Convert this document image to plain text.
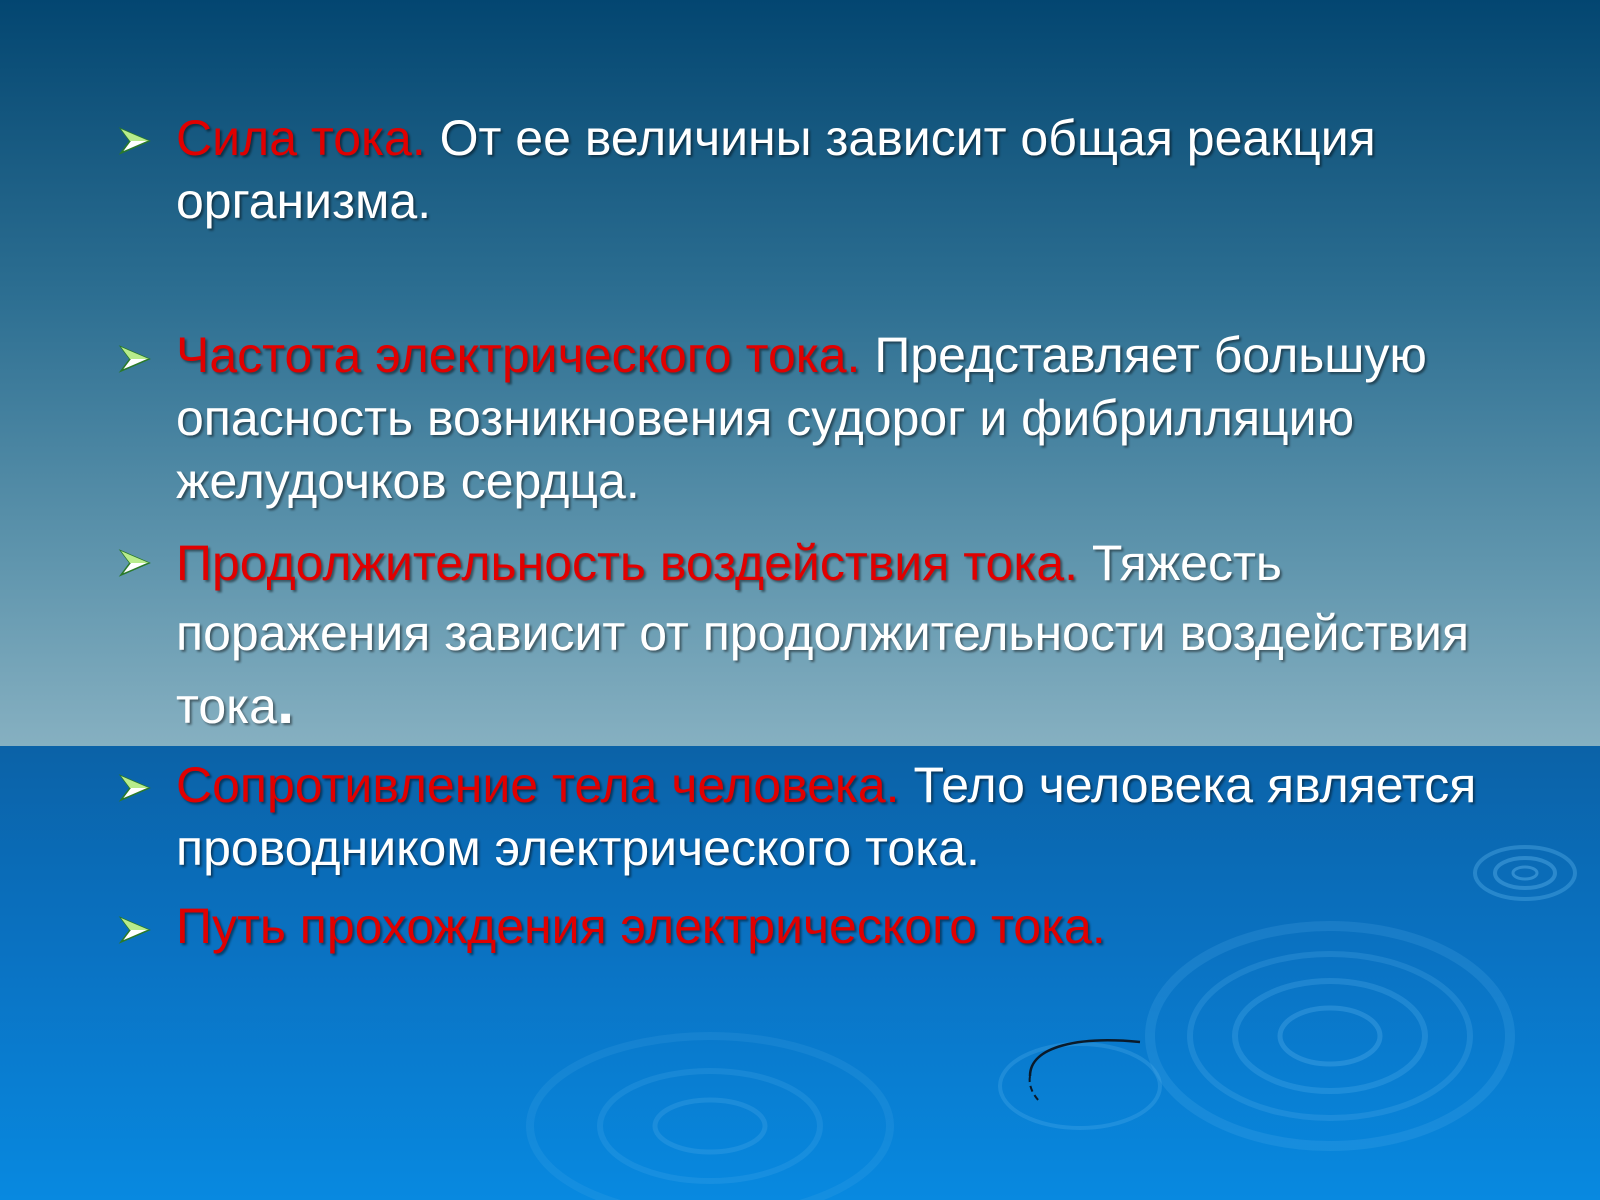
Сила тока. От ее величины зависит общая реакция организма.

Частота электрического тока. Представляет большую опасность возникновения судорог и фибрилляцию желудочков сердца.

Продолжительность воздействия тока. Тяжесть поражения зависит от продолжительности воздействия тока.

Сопротивление тела человека. Тело человека является проводником электрического тока.

Путь прохождения электрического тока.
